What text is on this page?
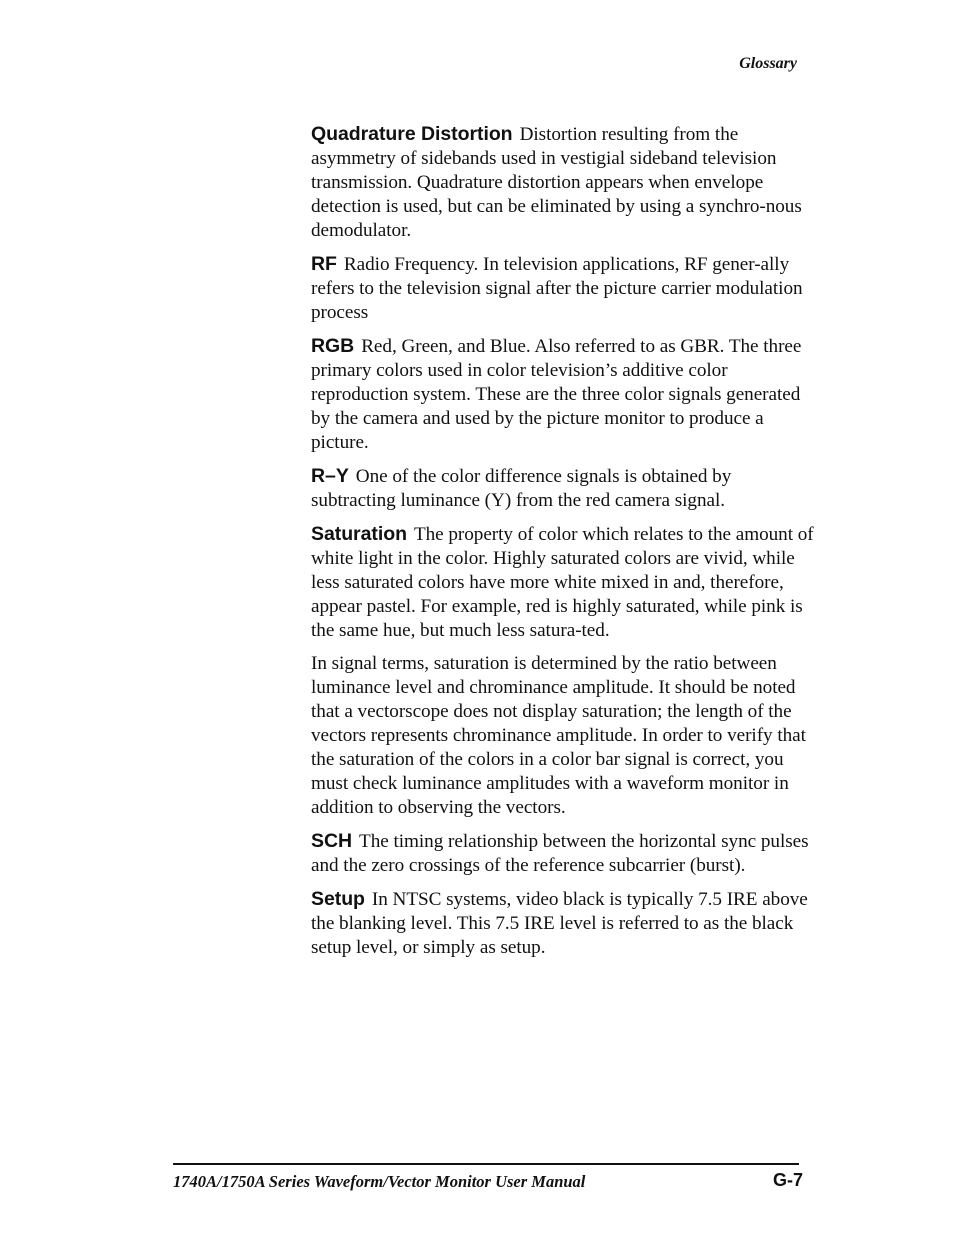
Glossary

Quadrature Distortion Distortion resulting from the asymmetry of sidebands used in vestigial sideband television transmission. Quadrature distortion appears when envelope detection is used, but can be eliminated by using a synchro-nous demodulator.

RF Radio Frequency. In television applications, RF gener-ally refers to the television signal after the picture carrier modulation process

RGB Red, Green, and Blue. Also referred to as GBR. The three primary colors used in color television’s additive color reproduction system. These are the three color signals generated by the camera and used by the picture monitor to produce a picture.

R–Y One of the color difference signals is obtained by subtracting luminance (Y) from the red camera signal.

Saturation The property of color which relates to the amount of white light in the color. Highly saturated colors are vivid, while less saturated colors have more white mixed in and, therefore, appear pastel. For example, red is highly saturated, while pink is the same hue, but much less satura-ted.

In signal terms, saturation is determined by the ratio between luminance level and chrominance amplitude. It should be noted that a vectorscope does not display saturation; the length of the vectors represents chrominance amplitude. In order to verify that the saturation of the colors in a color bar signal is correct, you must check luminance amplitudes with a waveform monitor in addition to observing the vectors.

SCH The timing relationship between the horizontal sync pulses and the zero crossings of the reference subcarrier (burst).

Setup In NTSC systems, video black is typically 7.5 IRE above the blanking level. This 7.5 IRE level is referred to as the black setup level, or simply as setup.

1740A/1750A Series Waveform/Vector Monitor User Manual	G-7
